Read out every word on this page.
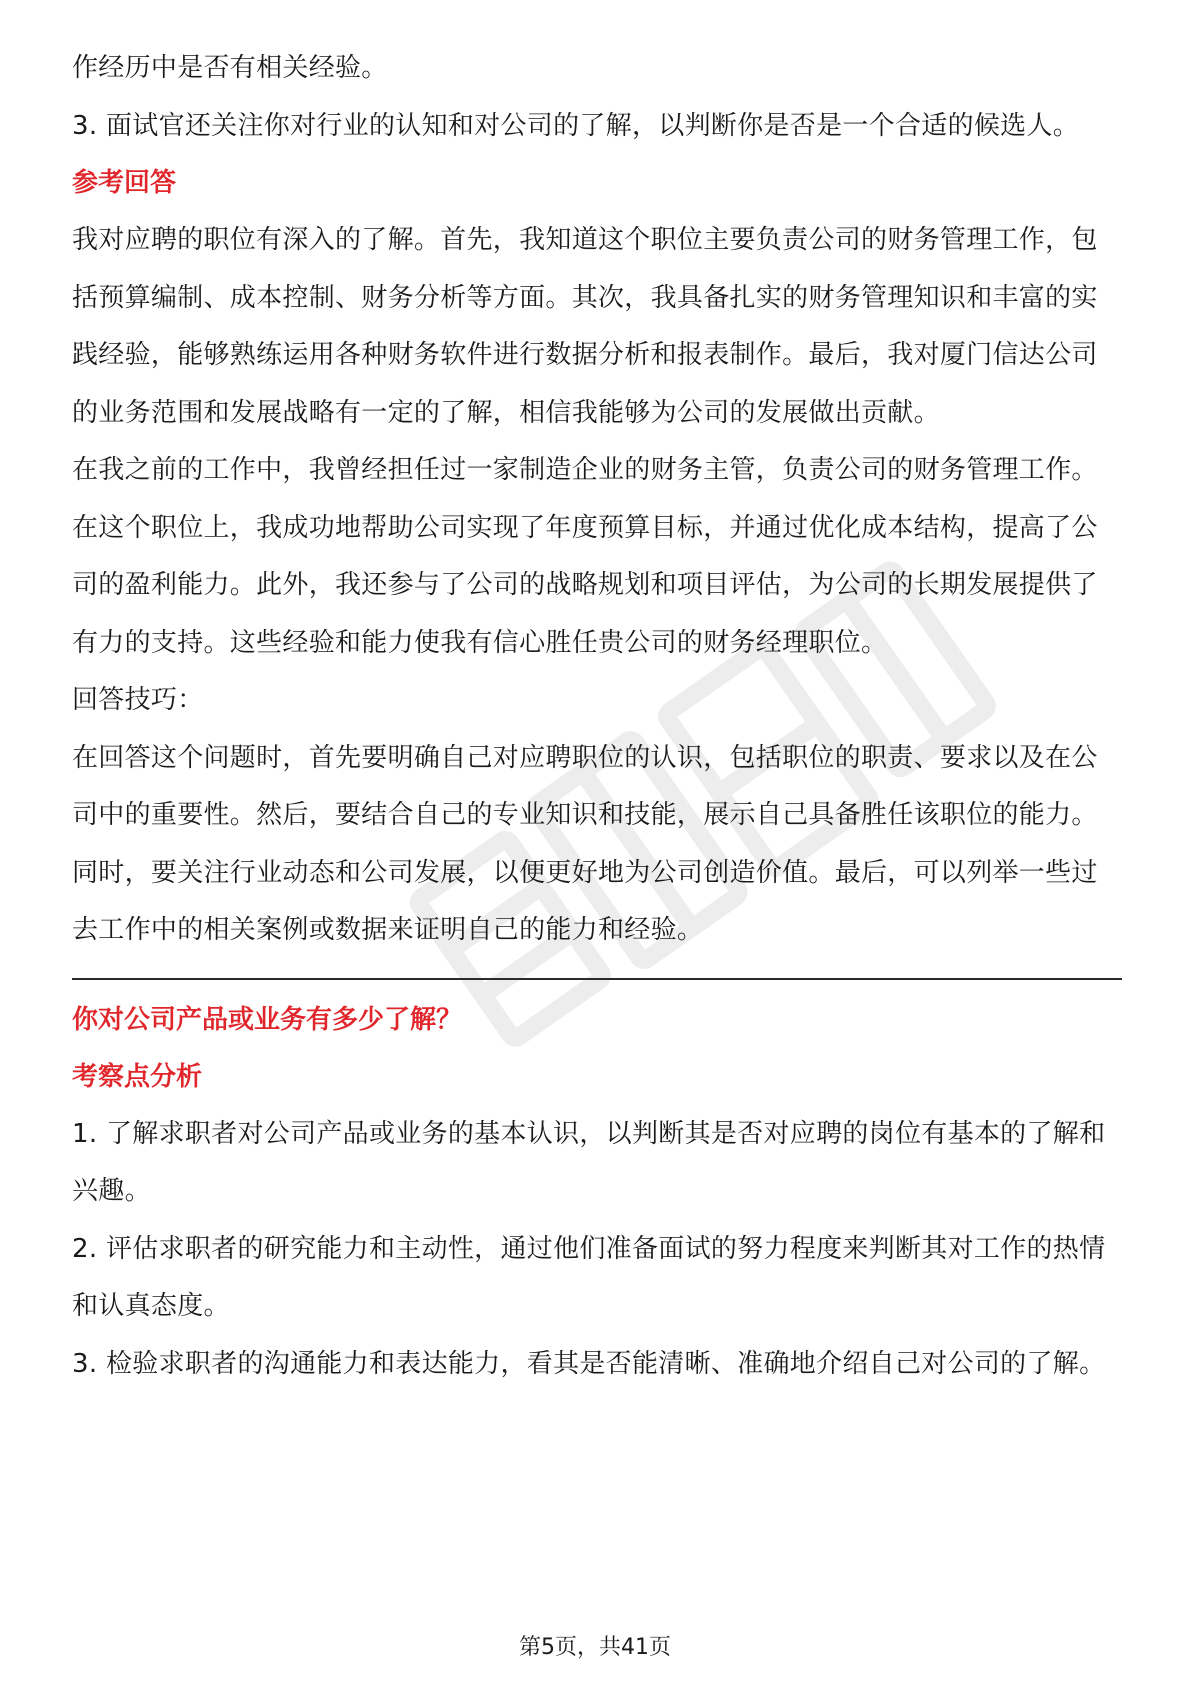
作经历中是否有相关经验。

3. 面试官还关注你对行业的认知和对公司的了解，以判断你是否是一个合适的候选人。

参考回答

我对应聘的职位有深入的了解。首先，我知道这个职位主要负责公司的财务管理工作，包括预算编制、成本控制、财务分析等方面。其次，我具备扎实的财务管理知识和丰富的实践经验，能够熟练运用各种财务软件进行数据分析和报表制作。最后，我对厦门信达公司的业务范围和发展战略有一定的了解，相信我能够为公司的发展做出贡献。

在我之前的工作中，我曾经担任过一家制造企业的财务主管，负责公司的财务管理工作。在这个职位上，我成功地帮助公司实现了年度预算目标，并通过优化成本结构，提高了公司的盈利能力。此外，我还参与了公司的战略规划和项目评估，为公司的长期发展提供了有力的支持。这些经验和能力使我有信心胜任贵公司的财务经理职位。

回答技巧：

在回答这个问题时，首先要明确自己对应聘职位的认识，包括职位的职责、要求以及在公司中的重要性。然后，要结合自己的专业知识和技能，展示自己具备胜任该职位的能力。同时，要关注行业动态和公司发展，以便更好地为公司创造价值。最后，可以列举一些过去工作中的相关案例或数据来证明自己的能力和经验。

你对公司产品或业务有多少了解？

考察点分析

1. 了解求职者对公司产品或业务的基本认识，以判断其是否对应聘的岗位有基本的了解和兴趣。

2. 评估求职者的研究能力和主动性，通过他们准备面试的努力程度来判断其对工作的热情和认真态度。

3. 检验求职者的沟通能力和表达能力，看其是否能清晰、准确地介绍自己对公司的了解。

第5页，共41页
